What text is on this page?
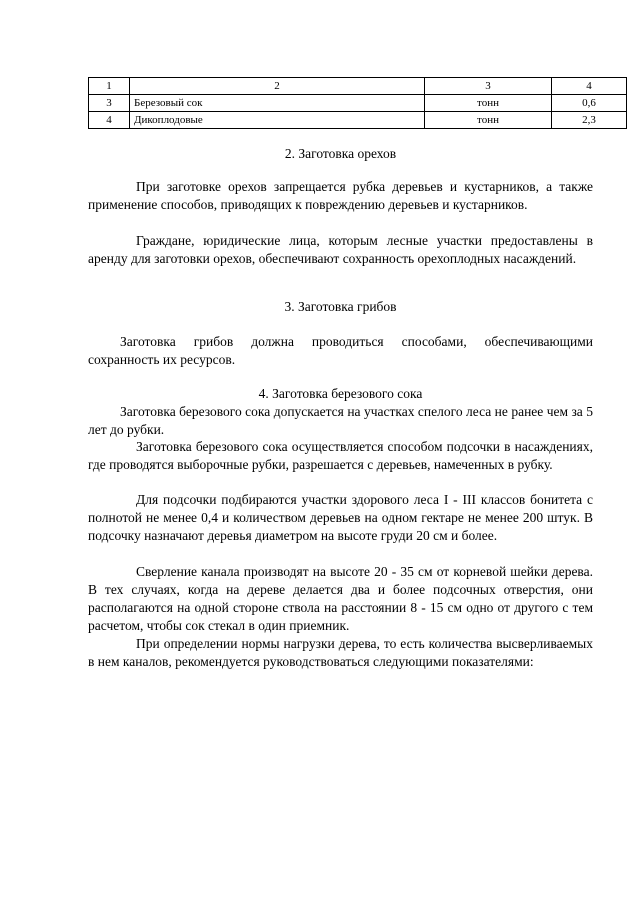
1	2	3	4
3	Березовый сок	тонн	0,6
4	Дикоплодовые	тонн	2,3
2. Заготовка орехов

При заготовке орехов запрещается рубка деревьев и кустарников, а также применение способов, приводящих к повреждению деревьев и кустарников.

Граждане, юридические лица, которым лесные участки предоставлены в аренду для заготовки орехов, обеспечивают сохранность орехоплодных насаждений.

3. Заготовка грибов

Заготовка грибов должна проводиться способами, обеспечивающими сохранность их ресурсов.

4. Заготовка березового сока

Заготовка березового сока допускается на участках спелого леса не ранее чем за 5 лет до рубки.

Заготовка березового сока осуществляется способом подсочки в насаждениях, где проводятся выборочные рубки, разрешается с деревьев, намеченных в рубку.

Для подсочки подбираются участки здорового леса I - III классов бонитета с полнотой не менее 0,4 и количеством деревьев на одном гектаре не менее 200 штук. В подсочку назначают деревья диаметром на высоте груди 20 см и более.

Сверление канала производят на высоте 20 - 35 см от корневой шейки дерева. В тех случаях, когда на дереве делается два и более подсочных отверстия, они располагаются на одной стороне ствола на расстоянии 8 - 15 см одно от другого с тем расчетом, чтобы сок стекал в один приемник.

При определении нормы нагрузки дерева, то есть количества высверливаемых в нем каналов, рекомендуется руководствоваться следующими показателями:
